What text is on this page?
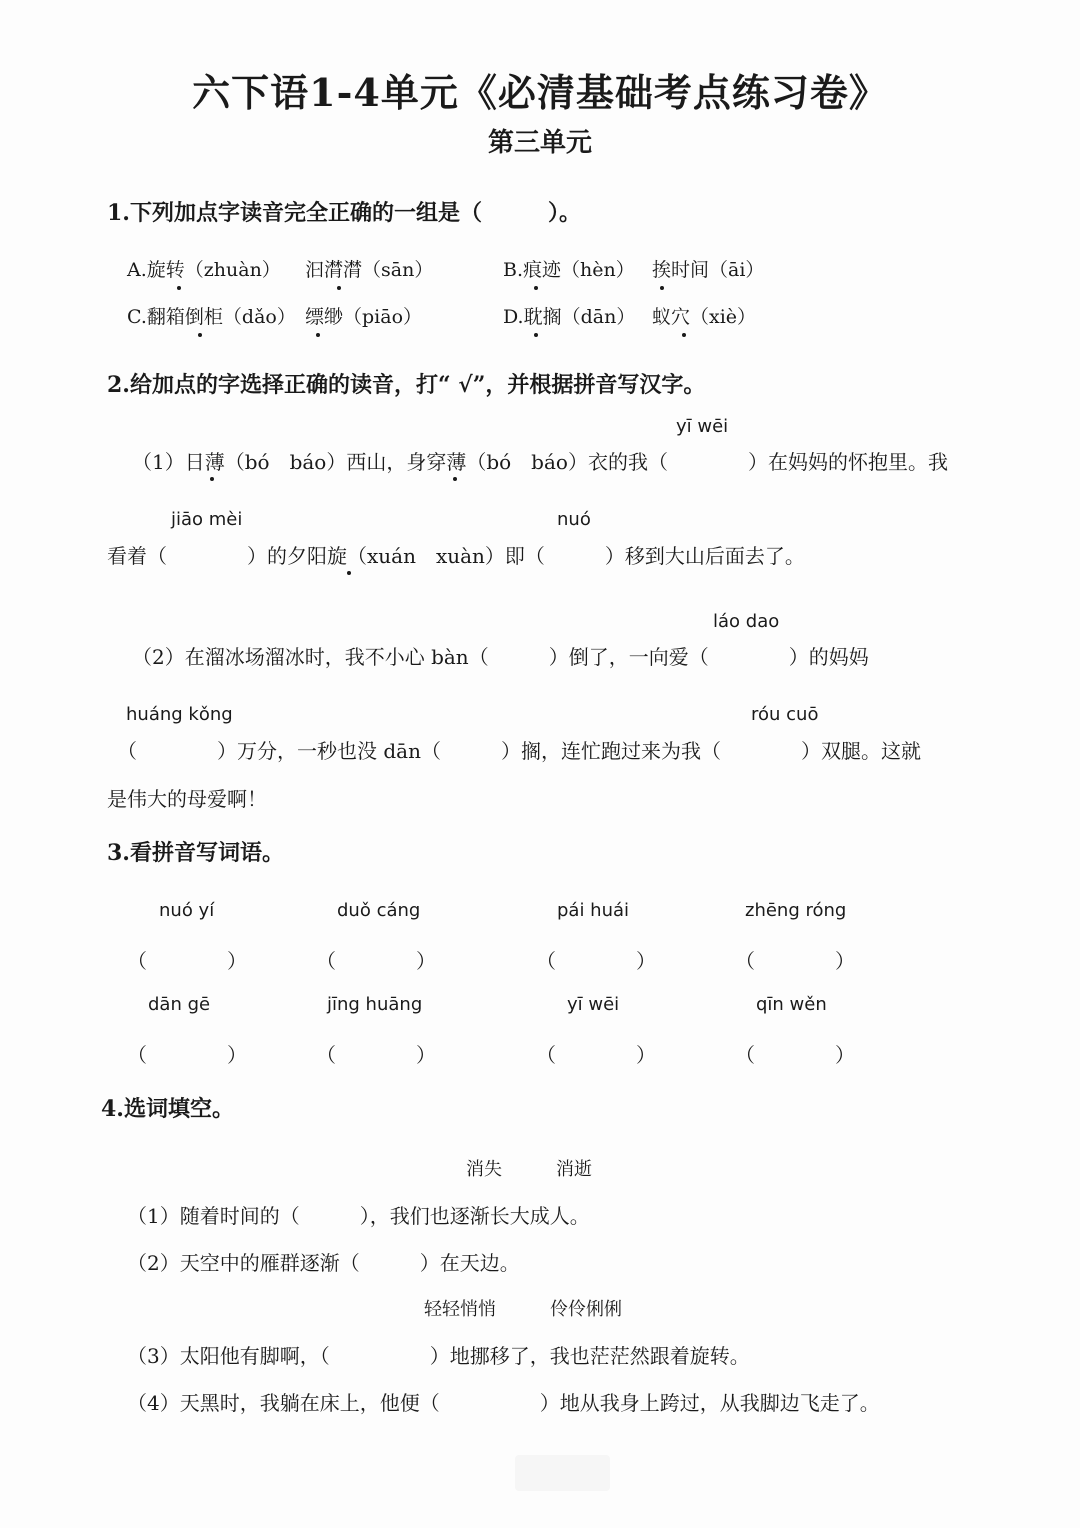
六下语1-4单元《必清基础考点练习卷》
第三单元
1.下列加点字读音完全正确的一组是（　　　）。
A.旋转（zhuàn） 汩潸潸（sān）	B.痕迹（hèn） 挨时间（āi）
C.翻箱倒柜（dǎo） 缥缈（piāo）	D.耽搁（dān） 蚁穴（xiè）
2.给加点的字选择正确的读音，打“ √”，并根据拼音写汉字。
yī wēi
（1）日薄（bó　báo）西山，身穿薄（bó　báo）衣的我（　　　　）在妈妈的怀抱里。我
jiāo mèi	nuó
看着（　　　　）的夕阳旋（xuán　xuàn）即（　　　）移到大山后面去了。
láo dao
（2）在溜冰场溜冰时，我不小心 bàn（　　　）倒了，一向爱（　　　　）的妈妈
huáng kǒng	róu cuō
（　　　　）万分，一秒也没 dān（　　　）搁，连忙跑过来为我（　　　　）双腿。这就
是伟大的母爱啊！
3.看拼音写词语。
nuó yí	duǒ cáng	pái huái	zhēng róng
（　　　　）	（　　　　）	（　　　　）	（　　　　）
dān gē	jīng huāng	yī wēi	qīn wěn
（　　　　）	（　　　　）	（　　　　）	（　　　　）
4.选词填空。
消失　　　消逝
（1）随着时间的（　　　），我们也逐渐长大成人。
（2）天空中的雁群逐渐（　　　）在天边。
轻轻悄悄　　　伶伶俐俐
（3）太阳他有脚啊，（　　　　　）地挪移了，我也茫茫然跟着旋转。
（4）天黑时，我躺在床上，他便（　　　　　）地从我身上跨过，从我脚边飞走了。
